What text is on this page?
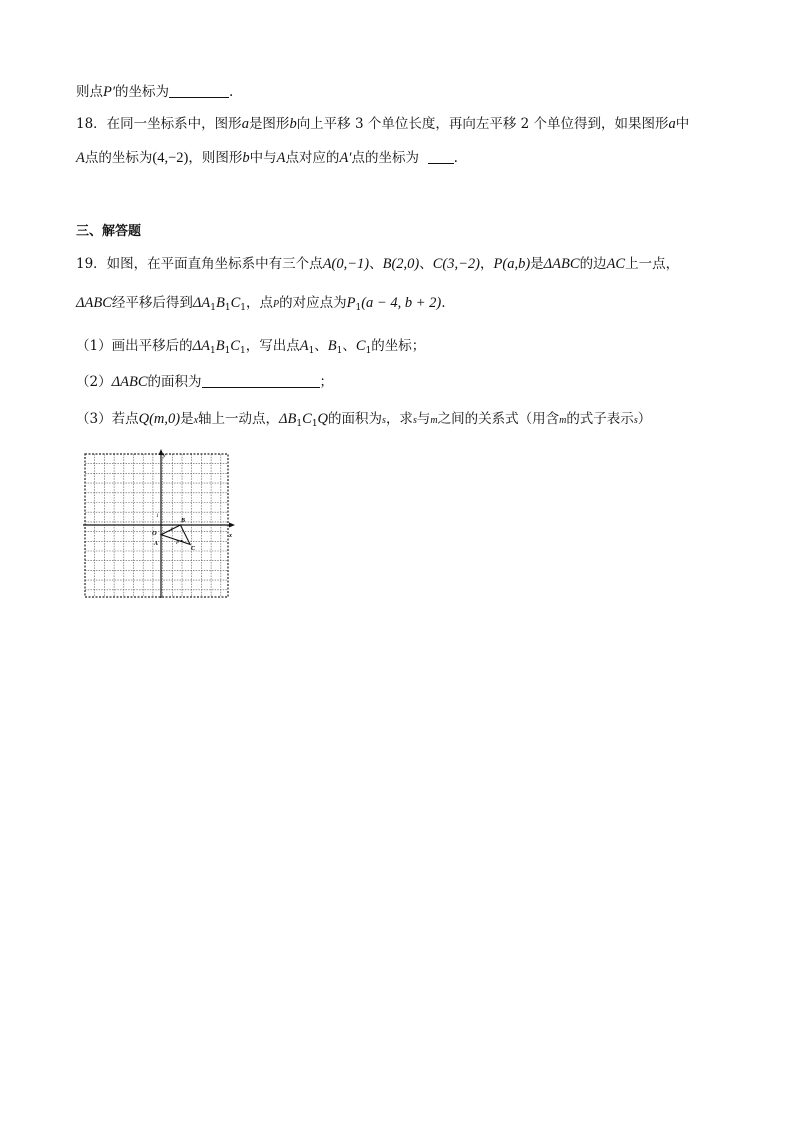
则点P′的坐标为	.
18．在同一坐标系中，图形a是图形b向上平移 3 个单位长度，再向左平移 2 个单位得到，如果图形a中
A点的坐标为(4,−2)，则图形b中与A点对应的A′点的坐标为	.
三、解答题
19．如图，在平面直角坐标系中有三个点A(0,−1)、B(2,0)、C(3,−2)，P(a,b)是ΔABC的边AC上一点，
ΔABC经平移后得到$\Delta A_1B_1C_1$，点P的对应点为$P_1(a - 4$, b + 2).
（1）画出平移后的$\Delta A_1B_1C_1$，写出点$A_1$、$B_1$、$C_1$的坐标；
（2）ΔABC的面积为	；
（3）若点Q(m,0)是x轴上一动点，$\Delta B_1C_1Q$的面积为s，求s与m之间的关系式（用含m的式子表示s）
y
x
O
1
1
A
B
C
P
